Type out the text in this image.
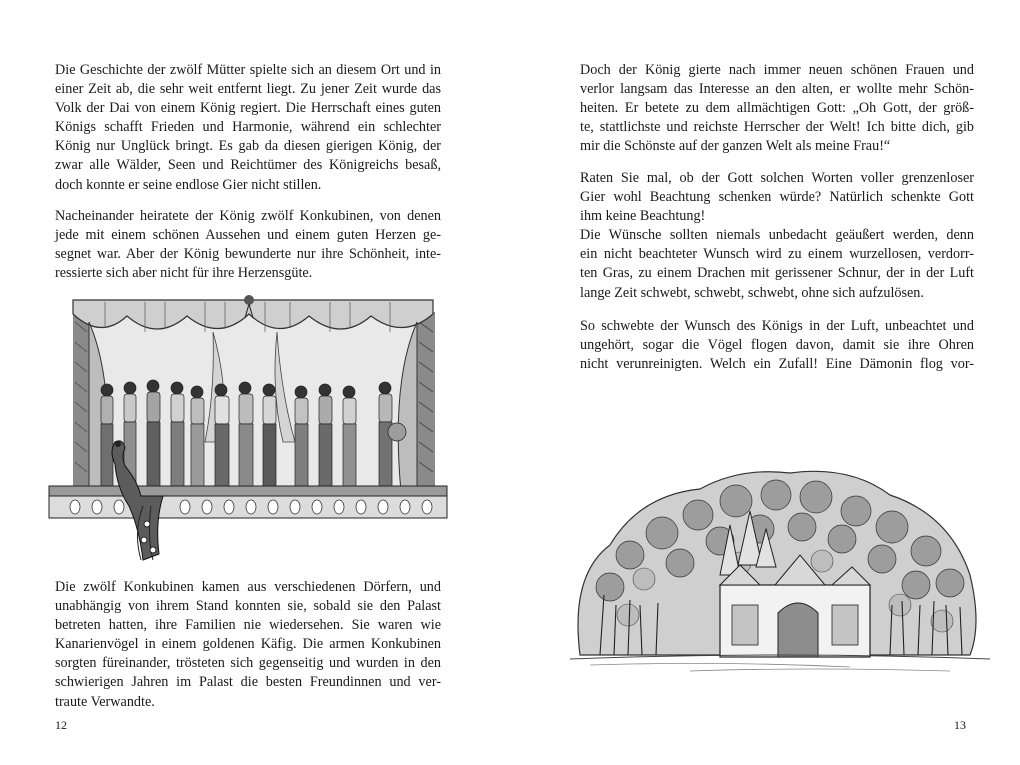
Die Geschichte der zwölf Mütter spielte sich an diesem Ort und in
einer Zeit ab, die sehr weit entfernt liegt. Zu jener Zeit wurde das
Volk der Dai von einem König regiert. Die Herrschaft eines guten
Königs schafft Frieden und Harmonie, während ein schlechter
König nur Unglück bringt. Es gab da diesen gierigen König, der
zwar alle Wälder, Seen und Reichtümer des Königreichs besaß,
doch konnte er seine endlose Gier nicht stillen.

Nacheinander heiratete der König zwölf Konkubinen, von denen
jede mit einem schönen Aussehen und einem guten Herzen ge-
segnet war. Aber der König bewunderte nur ihre Schönheit, inte-
ressierte sich aber nicht für ihre Herzensgüte.

Die zwölf Konkubinen kamen aus verschiedenen Dörfern, und
unabhängig von ihrem Stand konnten sie, sobald sie den Palast
betreten hatten, ihre Familien nie wiedersehen. Sie waren wie
Kanarienvögel in einem goldenen Käfig. Die armen Konkubinen
sorgten füreinander, trösteten sich gegenseitig und wurden in den
schwierigen Jahren im Palast die besten Freundinnen und ver-
traute Verwandte.

12

Doch der König gierte nach immer neuen schönen Frauen und
verlor langsam das Interesse an den alten, er wollte mehr Schön-
heiten. Er betete zu dem allmächtigen Gott: „Oh Gott, der größ-
te, stattlichste und reichste Herrscher der Welt! Ich bitte dich, gib
mir die Schönste auf der ganzen Welt als meine Frau!“

Raten Sie mal, ob der Gott solchen Worten voller grenzenloser
Gier wohl Beachtung schenken würde? Natürlich schenkte Gott
ihm keine Beachtung!
Die Wünsche sollten niemals unbedacht geäußert werden, denn
ein nicht beachteter Wunsch wird zu einem wurzellosen, verdorr-
ten Gras, zu einem Drachen mit gerissener Schnur, der in der Luft
lange Zeit schwebt, schwebt, schwebt, ohne sich aufzulösen.

So schwebte der Wunsch des Königs in der Luft, unbeachtet und
ungehört, sogar die Vögel flogen davon, damit sie ihre Ohren
nicht verunreinigten. Welch ein Zufall! Eine Dämonin flog vor-

13
